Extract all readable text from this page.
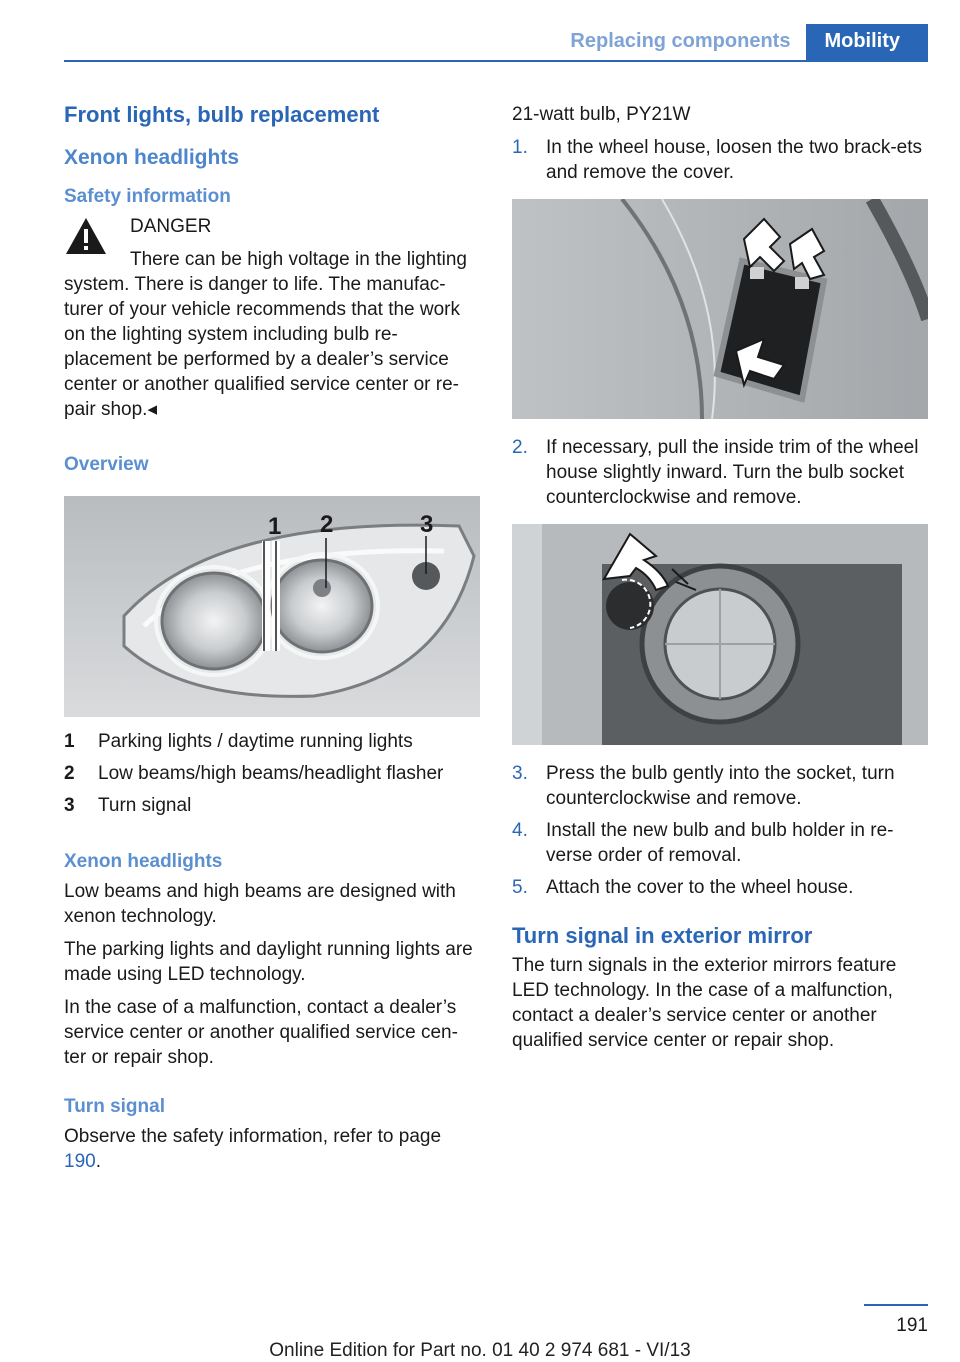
Replacing components	Mobility
Front lights, bulb replacement
Xenon headlights
Safety information
DANGER
There can be high voltage in the lighting
system. There is danger to life. The manufac-turer of your vehicle recommends that the work on the lighting system including bulb re-placement be performed by a dealer’s service center or another qualified service center or re-pair shop.◂
Overview
1 2	3
1	Parking lights / daytime running lights
2	Low beams/high beams/headlight flasher
3	Turn signal
Xenon headlights

Low beams and high beams are designed with xenon technology.

The parking lights and daylight running lights are made using LED technology.

In the case of a malfunction, contact a dealer’s service center or another qualified service cen-ter or repair shop.

Turn signal

Observe the safety information, refer to page 190.

21-watt bulb, PY21W

1. In the wheel house, loosen the two brack-ets and remove the cover.
2. If necessary, pull the inside trim of the wheel house slightly inward. Turn the bulb socket counterclockwise and remove.
3. Press the bulb gently into the socket, turn counterclockwise and remove.
4. Install the new bulb and bulb holder in re-verse order of removal.
5. Attach the cover to the wheel house.
Turn signal in exterior mirror

The turn signals in the exterior mirrors feature LED technology. In the case of a malfunction, contact a dealer’s service center or another qualified service center or repair shop.

191
Online Edition for Part no. 01 40 2 974 681 - VI/13
